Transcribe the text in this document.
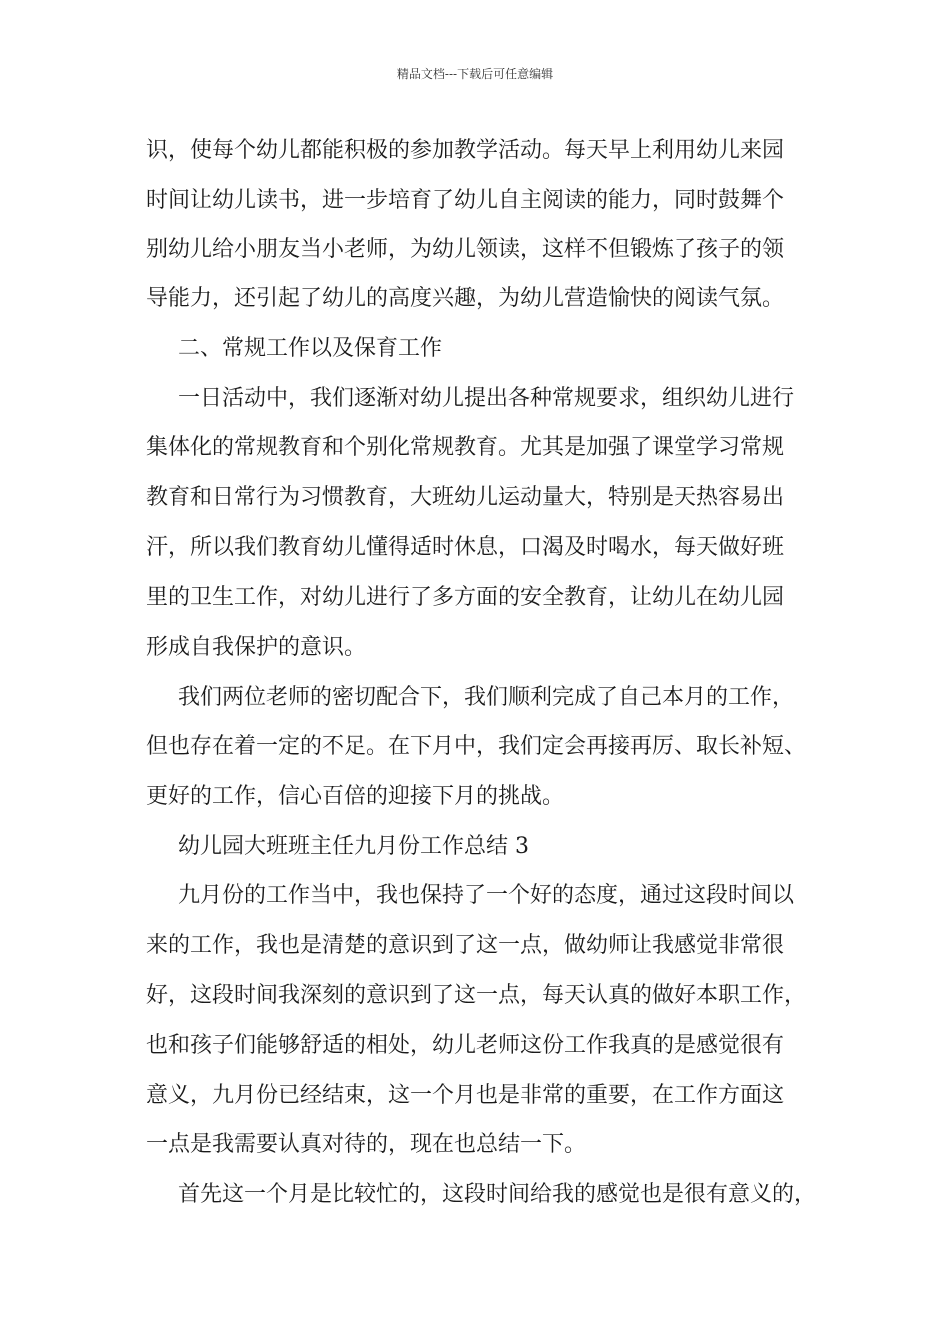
精品文档---下载后可任意编辑
识，使每个幼儿都能积极的参加教学活动。每天早上利用幼儿来园
时间让幼儿读书，进一步培育了幼儿自主阅读的能力，同时鼓舞个
别幼儿给小朋友当小老师，为幼儿领读，这样不但锻炼了孩子的领
导能力，还引起了幼儿的高度兴趣，为幼儿营造愉快的阅读气氛。
二、常规工作以及保育工作
一日活动中，我们逐渐对幼儿提出各种常规要求，组织幼儿进行
集体化的常规教育和个别化常规教育。尤其是加强了课堂学习常规
教育和日常行为习惯教育，大班幼儿运动量大，特别是天热容易出
汗，所以我们教育幼儿懂得适时休息，口渴及时喝水，每天做好班
里的卫生工作，对幼儿进行了多方面的安全教育，让幼儿在幼儿园
形成自我保护的意识。
我们两位老师的密切配合下，我们顺利完成了自己本月的工作，
但也存在着一定的不足。在下月中，我们定会再接再厉、取长补短、
更好的工作，信心百倍的迎接下月的挑战。
幼儿园大班班主任九月份工作总结 3
九月份的工作当中，我也保持了一个好的态度，通过这段时间以
来的工作，我也是清楚的意识到了这一点，做幼师让我感觉非常很
好，这段时间我深刻的意识到了这一点，每天认真的做好本职工作，
也和孩子们能够舒适的相处，幼儿老师这份工作我真的是感觉很有
意义，九月份已经结束，这一个月也是非常的重要，在工作方面这
一点是我需要认真对待的，现在也总结一下。
首先这一个月是比较忙的，这段时间给我的感觉也是很有意义的，
